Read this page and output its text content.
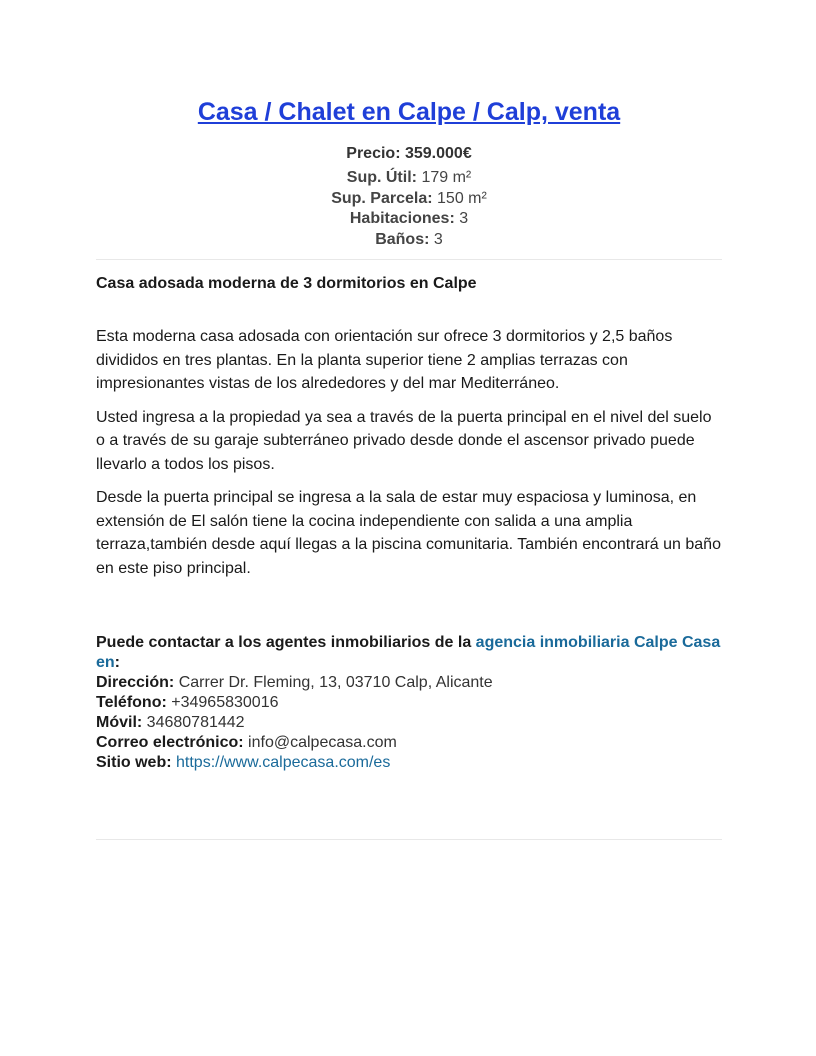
Casa / Chalet en Calpe / Calp, venta
Precio: 359.000€
Sup. Útil: 179 m²
Sup. Parcela: 150 m²
Habitaciones: 3
Baños: 3
Casa adosada moderna de 3 dormitorios en Calpe

Esta moderna casa adosada con orientación sur ofrece 3 dormitorios y 2,5 baños divididos en tres plantas. En la planta superior tiene 2 amplias terrazas con impresionantes vistas de los alrededores y del mar Mediterráneo.

Usted ingresa a la propiedad ya sea a través de la puerta principal en el nivel del suelo o a través de su garaje subterráneo privado desde donde el ascensor privado puede llevarlo a todos los pisos.

Desde la puerta principal se ingresa a la sala de estar muy espaciosa y luminosa, en extensión de El salón tiene la cocina independiente con salida a una amplia terraza,también desde aquí llegas a la piscina comunitaria. También encontrará un baño en este piso principal.

Puede contactar a los agentes inmobiliarios de la agencia inmobiliaria Calpe Casa en:
Dirección: Carrer Dr. Fleming, 13, 03710 Calp, Alicante
Teléfono: +34965830016
Móvil: 34680781442
Correo electrónico: info@calpecasa.com
Sitio web: https://www.calpecasa.com/es
